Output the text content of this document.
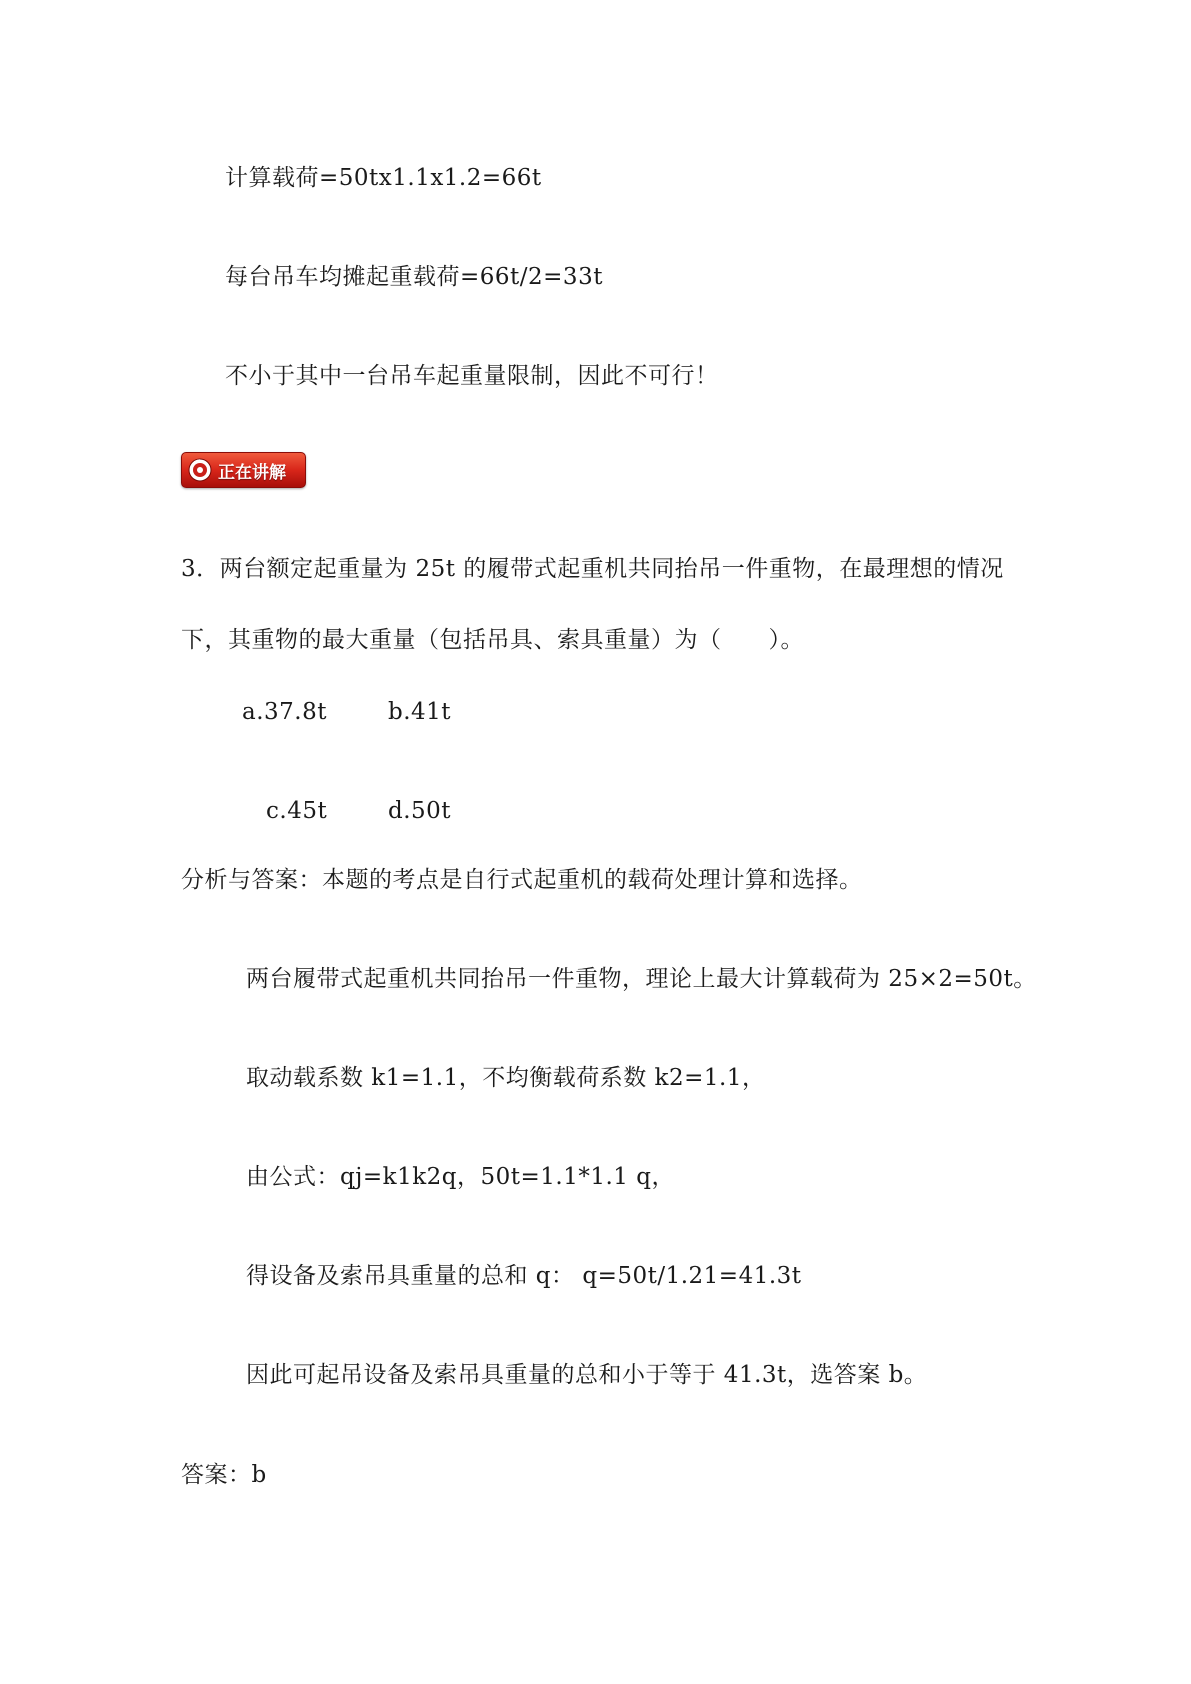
计算载荷=50tx1.1x1.2=66t
每台吊车均摊起重载荷=66t/2=33t
不小于其中一台吊车起重量限制，因此不可行！
正在讲解
3．两台额定起重量为 25t 的履带式起重机共同抬吊一件重物，在最理想的情况
下，其重物的最大重量（包括吊具、索具重量）为（　　）。
a.37.8t	b.41t
c.45t	d.50t
分析与答案：本题的考点是自行式起重机的载荷处理计算和选择。
两台履带式起重机共同抬吊一件重物，理论上最大计算载荷为 25×2=50t。
取动载系数 k1=1.1，不均衡载荷系数 k2=1.1，
由公式：qj=k1k2q，50t=1.1*1.1 q，
得设备及索吊具重量的总和 q： q=50t/1.21=41.3t
因此可起吊设备及索吊具重量的总和小于等于 41.3t，选答案 b。
答案：b
